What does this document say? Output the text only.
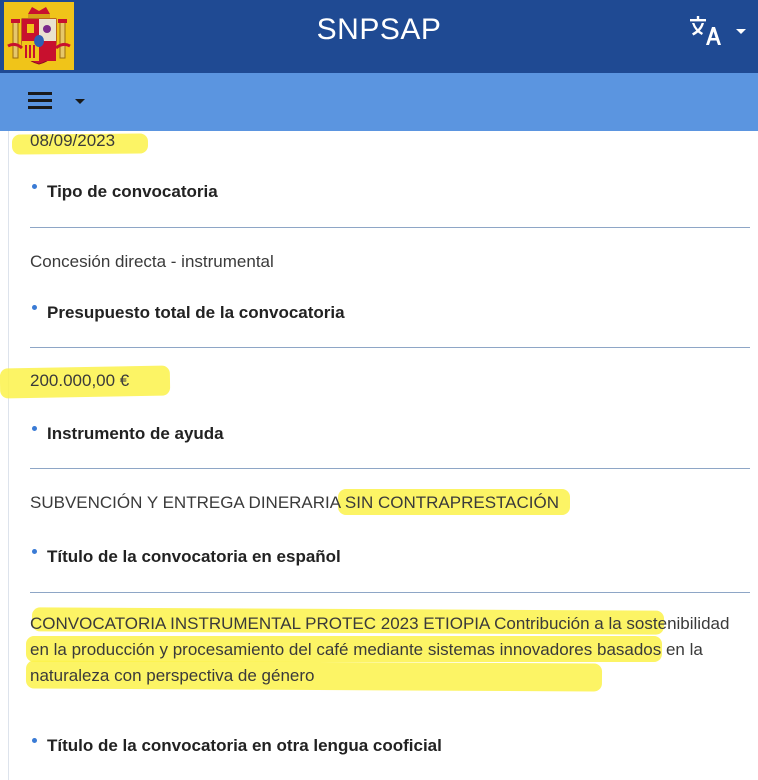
SNPSAP
08/09/2023
Tipo de convocatoria
Concesión directa - instrumental
Presupuesto total de la convocatoria
200.000,00 €
Instrumento de ayuda
SUBVENCIÓN Y ENTREGA DINERARIA SIN CONTRAPRESTACIÓN
Título de la convocatoria en español
CONVOCATORIA INSTRUMENTAL PROTEC 2023 ETIOPIA Contribución a la sostenibilidad en la producción y procesamiento del café mediante sistemas innovadores basados en la naturaleza con perspectiva de género
Título de la convocatoria en otra lengua cooficial
